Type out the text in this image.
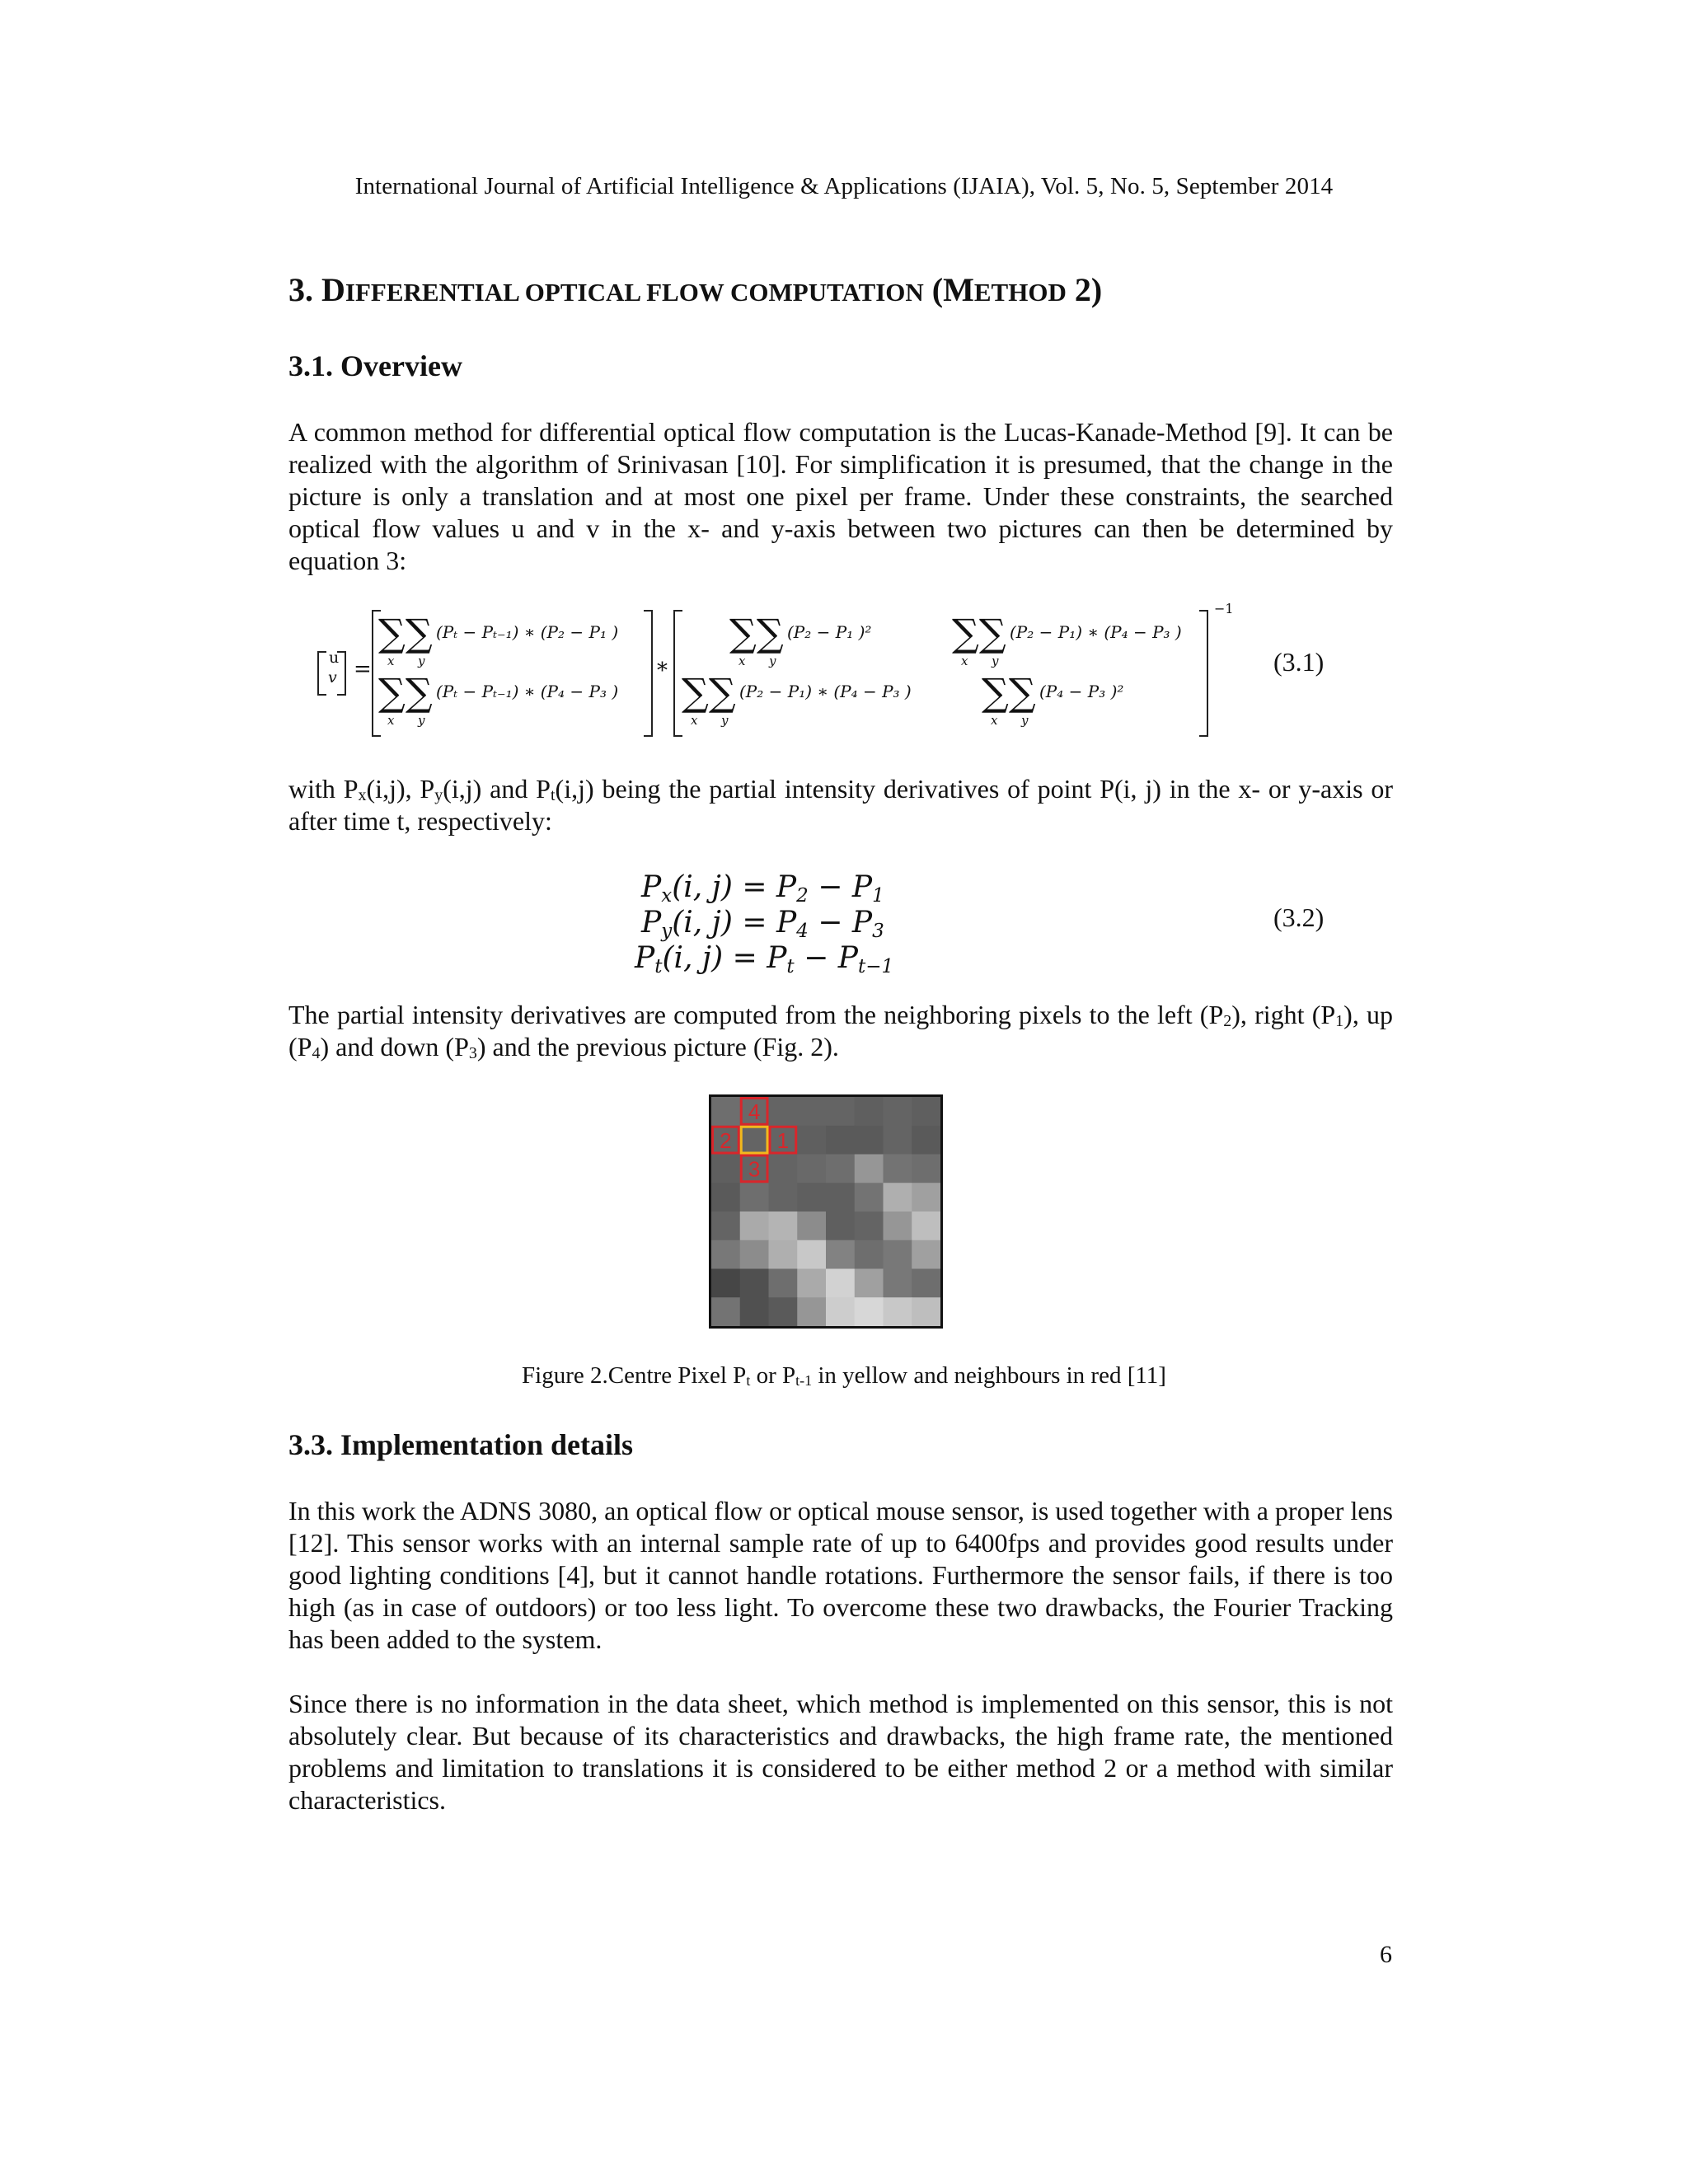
International Journal of Artificial Intelligence & Applications (IJAIA), Vol. 5, No. 5, September 2014
3. DIFFERENTIAL OPTICAL FLOW COMPUTATION (METHOD 2)
3.1. Overview
A common method for differential optical flow computation is the Lucas-Kanade-Method [9]. It can be realized with the algorithm of Srinivasan [10]. For simplification it is presumed, that the change in the picture is only a translation and at most one pixel per frame. Under these constraints, the searched optical flow values u and v in the x- and y-axis between two pictures can then be determined by equation 3:
u
v =
∑∑
x y
(Pₜ − Pₜ₋₁) ∗ (P₂ − P₁ )
∑∑
x y
(Pₜ − Pₜ₋₁) ∗ (P₄ − P₃ )
*
∑∑
x y
(P₂ − P₁ )² ∑∑
x y
(P₂ − P₁) ∗ (P₄ − P₃ )
∑∑
x y
(P₂ − P₁) ∗ (P₄ − P₃ ) ∑∑
x y
(P₄ − P₃ )²
−1
(3.1)
with $P_x(i,j)$, $P_y(i,j)$ and $P_t(i,j)$ being the partial intensity derivatives of point P(i, j) in the x- or y-axis or after time t, respectively:
$P_x(i$, $j) = P_2 - P_1$
$P_y(i$, $j) = P_4 - P_3$
$P_t(i$, $j) = P_t - P_{t-1}$
(3.2)
The partial intensity derivatives are computed from the neighboring pixels to the left $(P_2)$, right $(P_1)$, up $(P_4)$ and down $(P_3)$ and the previous picture (Fig. 2).
4
2 1
3
Figure 2.Centre Pixel $P_t$ or $P_{t-1}$ in yellow and neighbours in red [11]
3.3. Implementation details
In this work the ADNS 3080, an optical flow or optical mouse sensor, is used together with a proper lens [12]. This sensor works with an internal sample rate of up to 6400fps and provides good results under good lighting conditions [4], but it cannot handle rotations. Furthermore the sensor fails, if there is too high (as in case of outdoors) or too less light. To overcome these two drawbacks, the Fourier Tracking has been added to the system.
Since there is no information in the data sheet, which method is implemented on this sensor, this is not absolutely clear. But because of its characteristics and drawbacks, the high frame rate, the mentioned problems and limitation to translations it is considered to be either method 2 or a method with similar characteristics.
6
